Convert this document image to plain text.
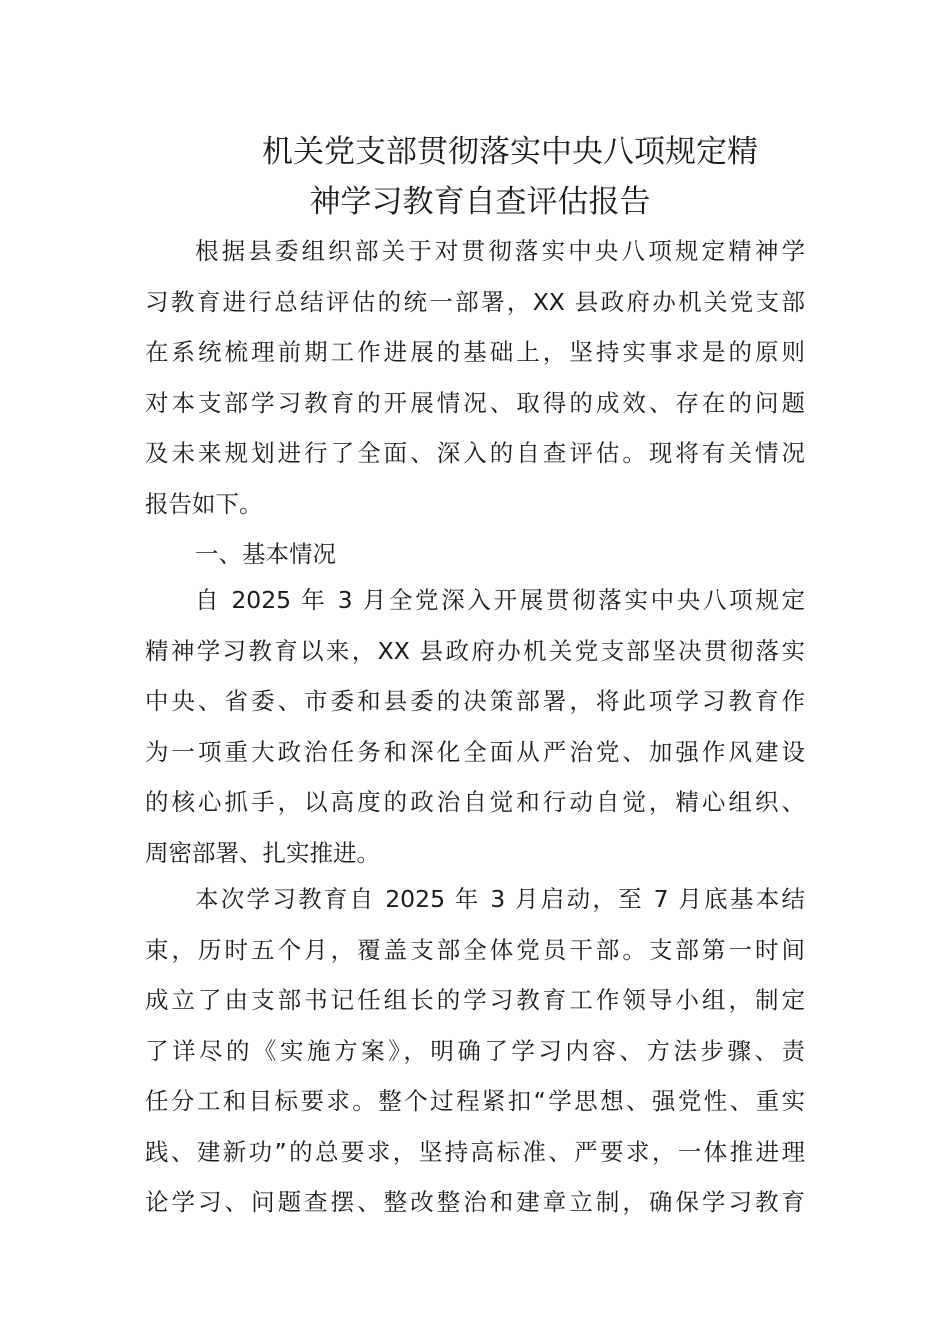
机关党支部贯彻落实中央八项规定精
神学习教育自查评估报告
根据县委组织部关于对贯彻落实中央八项规定精神学
习教育进行总结评估的统一部署，XX 县政府办机关党支部
在系统梳理前期工作进展的基础上，坚持实事求是的原则
对本支部学习教育的开展情况、取得的成效、存在的问题
及未来规划进行了全面、深入的自查评估。现将有关情况
报告如下。
一、基本情况
自 2025 年 3 月全党深入开展贯彻落实中央八项规定
精神学习教育以来，XX 县政府办机关党支部坚决贯彻落实
中央、省委、市委和县委的决策部署，将此项学习教育作
为一项重大政治任务和深化全面从严治党、加强作风建设
的核心抓手，以高度的政治自觉和行动自觉，精心组织、
周密部署、扎实推进。
本次学习教育自 2025 年 3 月启动，至 7 月底基本结
束，历时五个月，覆盖支部全体党员干部。支部第一时间
成立了由支部书记任组长的学习教育工作领导小组，制定
了详尽的《实施方案》，明确了学习内容、方法步骤、责
任分工和目标要求。整个过程紧扣“学思想、强党性、重实
践、建新功”的总要求，坚持高标准、严要求，一体推进理
论学习、问题查摆、整改整治和建章立制，确保学习教育
